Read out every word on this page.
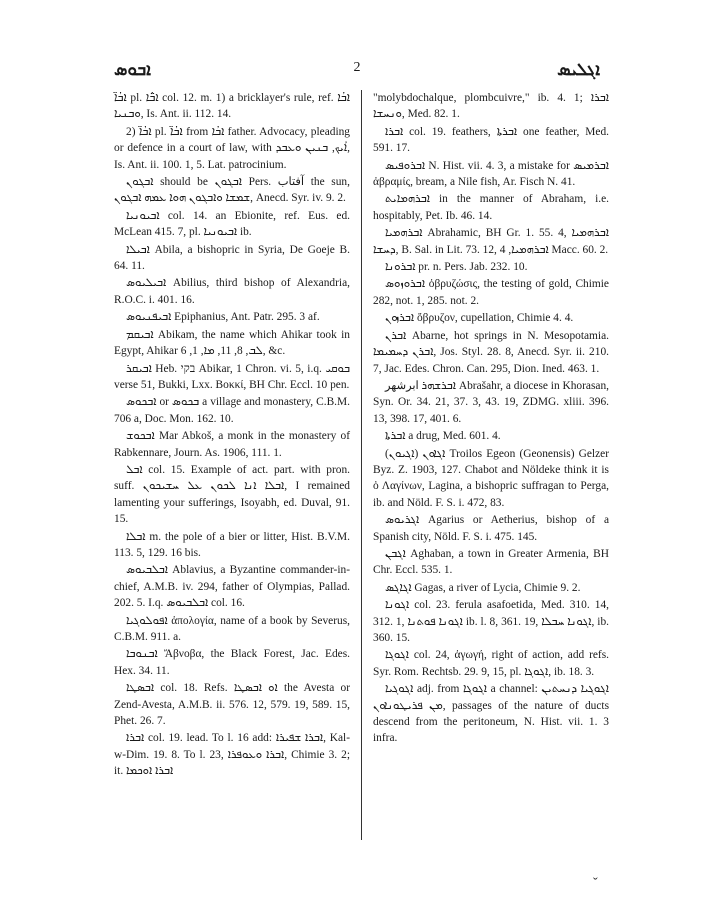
ܐܒܘܣ	2	ܐܓܠܝܣ

ܐܒܳܐ̈ pl. ܐܒ̈ܳܐ col. 12. m. 1) a bricklayer's rule, ref. ܐܒܳܐ ܘܒܢܝܐ, Is. Ant. ii. 112. 14.

2) ܐܒܳܐ̈ pl. ܐܒܳܐ̈ from ܐܒܳܐ father. Advocacy, pleading or defence in a court of law, with ܐܳܝܟ, ܒܢܝܢ ܘܥܒܕ, Is. Ant. ii. 100. 1, 5. Lat. patrocinium.

ܐܒܓܘܢ should be ܐܒܓܘܢ Pers. آفتاب the sun, ܫܡܫܐ ܘܐܒܓܘܢ ܗܘܐ ܥܡܗ ܐܒܓܘܢ, Anecd. Syr. iv. 9. 2.

ܐܒܝܘܢܝܐ col. 14. an Ebionite, ref. Eus. ed. McLean 415. 7, pl. ܐܒܝܘܢܝܐ ib.

ܐܒܝܠܐ Abila, a bishopric in Syria, De Goeje B. 64. 11.

ܐܒܝܠܝܘܣ Abilius, third bishop of Alexandria, R.O.C. i. 401. 16.

ܐܒܝܦܢܝܘܣ Epiphanius, Ant. Patr. 295. 3 af.

ܐܒܝܩܡ Abikam, the name which Ahikar took in Egypt, Ahikar ܠܒ, 8, 11, ܡܐ, 1, 6, &c.

ܐܒܝܩܪ Heb. בקי Abikar, 1 Chron. vi. 5, i.q. ܒܘܩܝ verse 51, Bukki, Lxx. Βοκκί, BH Chr. Eccl. 10 pen.

ܐܒܟܘܣ or ܒܟܘܣ a village and monastery, C.B.M. 706 a, Doc. Mon. 162. 10.

ܐܒܟܘܫ Mar Abkoš, a monk in the monastery of Rabkennare, Journ. As. 1906, 111. 1.

ܐܒܠ col. 15. Example of act. part. with pron. suff. ܐܒܠܐ ܐܢܐ ܠܟܘܢ ܥܠ ܚܫܝܟܘܢ, I remained lamenting your sufferings, Isoyabh, ed. Duval, 91. 15.

ܐܒܠܐ m. the pole of a bier or litter, Hist. B.V.M. 113. 5, 129. 16 bis.

ܐܒܠܒܝܘܣ Ablavius, a Byzantine commander-in-chief, A.M.B. iv. 294, father of Olympias, Pallad. 202. 5. I.q. ܐܒܠܒܝܘܣ col. 16.

ܐܦܘܠܘܓܝܐ ἀπολογία, name of a book by Severus, C.B.M. 911. a.

ܐܒܢܘܒܐ Ἄβνοβα, the Black Forest, Jac. Edes. Hex. 34. 11.

ܐܒܣܛܐ col. 18. Refs. ܐܘ ܐܒܣܛܐ the Avesta or Zend-Avesta, A.M.B. ii. 576. 12, 579. 19, 589. 15, Phet. 26. 7.

ܐܒܪܐ col. 19. lead. To l. 16 add: ܐܒܪܐ ܫܦܝܪܐ, Kal-w-Dim. 19. 8. To l. 23, ܐܒܪܐ ܘܥܘܦܪܐ, Chimie 3. 2; it. ܐܒܪܐ ܐܘܟܡܐ

"molybdochalque, plombcuivre," ib. 4. 1; ܐܒܪܐ ܘܢܚܫܐ, Med. 82. 1.

ܐܒܪܐ col. 19. feathers, ܐܒܪܬܐ one feather, Med. 591. 17.

ܐܒܪܘܦܝܣ N. Hist. vii. 4. 3, a mistake for ܐܒܪܡܝܣ ἀβραμίς, bream, a Nile fish, Ar. Fisch N. 41.

ܐܒܪܗܡܐܝܬ in the manner of Abraham, i.e. hospitably, Pet. Ib. 46. 14.

ܐܒܪܗܡܝܐ Abrahamic, BH Gr. 1. 55. 4, ܐܒܪܗܡܝܐ ܕܚܫܐ, B. Sal. in Lit. 73. 12, ܐܒܪܗܡܝܐ, 4 Macc. 60. 2.

ܐܒܪܘܢܐ pr. n. Pers. Jab. 232. 10.

ܐܒܪܘܙܘܣ ὀβρυζώσις, the testing of gold, Chimie 282, not. 1, 285. not. 2.

ܐܒܪܙܘܢ ὄβρυζον, cupellation, Chimie 4. 4.

ܐܒܪܢ Abarne, hot springs in N. Mesopotamia. ܐܒܪܢ ܕܚܡܝܡܐ, Jos. Styl. 28. 8, Anecd. Syr. ii. 210. 7, Jac. Edes. Chron. Can. 295, Dion. Ined. 463. 1.

ܐܒܪܫܗܪ ابرشهر Abrašahr, a diocese in Khorasan, Syn. Or. 34. 21, 37. 3, 43. 19, ZDMG. xliii. 396. 13, 398. 17, 401. 6.

ܐܒܪܬܐ a drug, Med. 601. 4.

ܐܓܐܘܢ (ܐܓܝܘܢ) Troilos Egeon (Geonensis) Gelzer Byz. Z. 1903, 127. Chabot and Nöldeke think it is ὁ Λαγίνων, Lagina, a bishopric suffragan to Perga, ib. and Nöld. F. S. i. 472, 83.

ܐܓܪܝܘܣ Agarius or Aetherius, bishop of a Spanish city, Nöld. F. S. i. 475. 145.

ܐܓܒܢ Aghaban, a town in Greater Armenia, BH Chr. Eccl. 535. 1.

ܐܓܐܓܣ Gagas, a river of Lycia, Chimie 9. 2.

ܐܓܘܢܐ col. 23. ferula asafoetida, Med. 310. 14, 312. 1, ܐܓܘܢܐ ܦܘܬܢܐ ib. l. 8, 361. 19, ܐܓܘܢܐ ܚܒܠܐ, ib. 360. 15.

ܐܓܘܓܐ col. 24, ἀγωγή, right of action, add refs. Syr. Rom. Rechtsb. 29. 9, 15, pl. ܐܓܘܓܐ, ib. 18. 3.

ܐܓܘܓܝܐ adj. from ܐܓܘܓܐ a channel: ܐܓܘܓܝܐ ܕܢܚܬܝܢ ܡܢ ܦܪܝܛܘܢܐܘܢ, passages of the nature of ducts descend from the peritoneum, N. Hist. vii. 1. 3 infra.

ˇ
